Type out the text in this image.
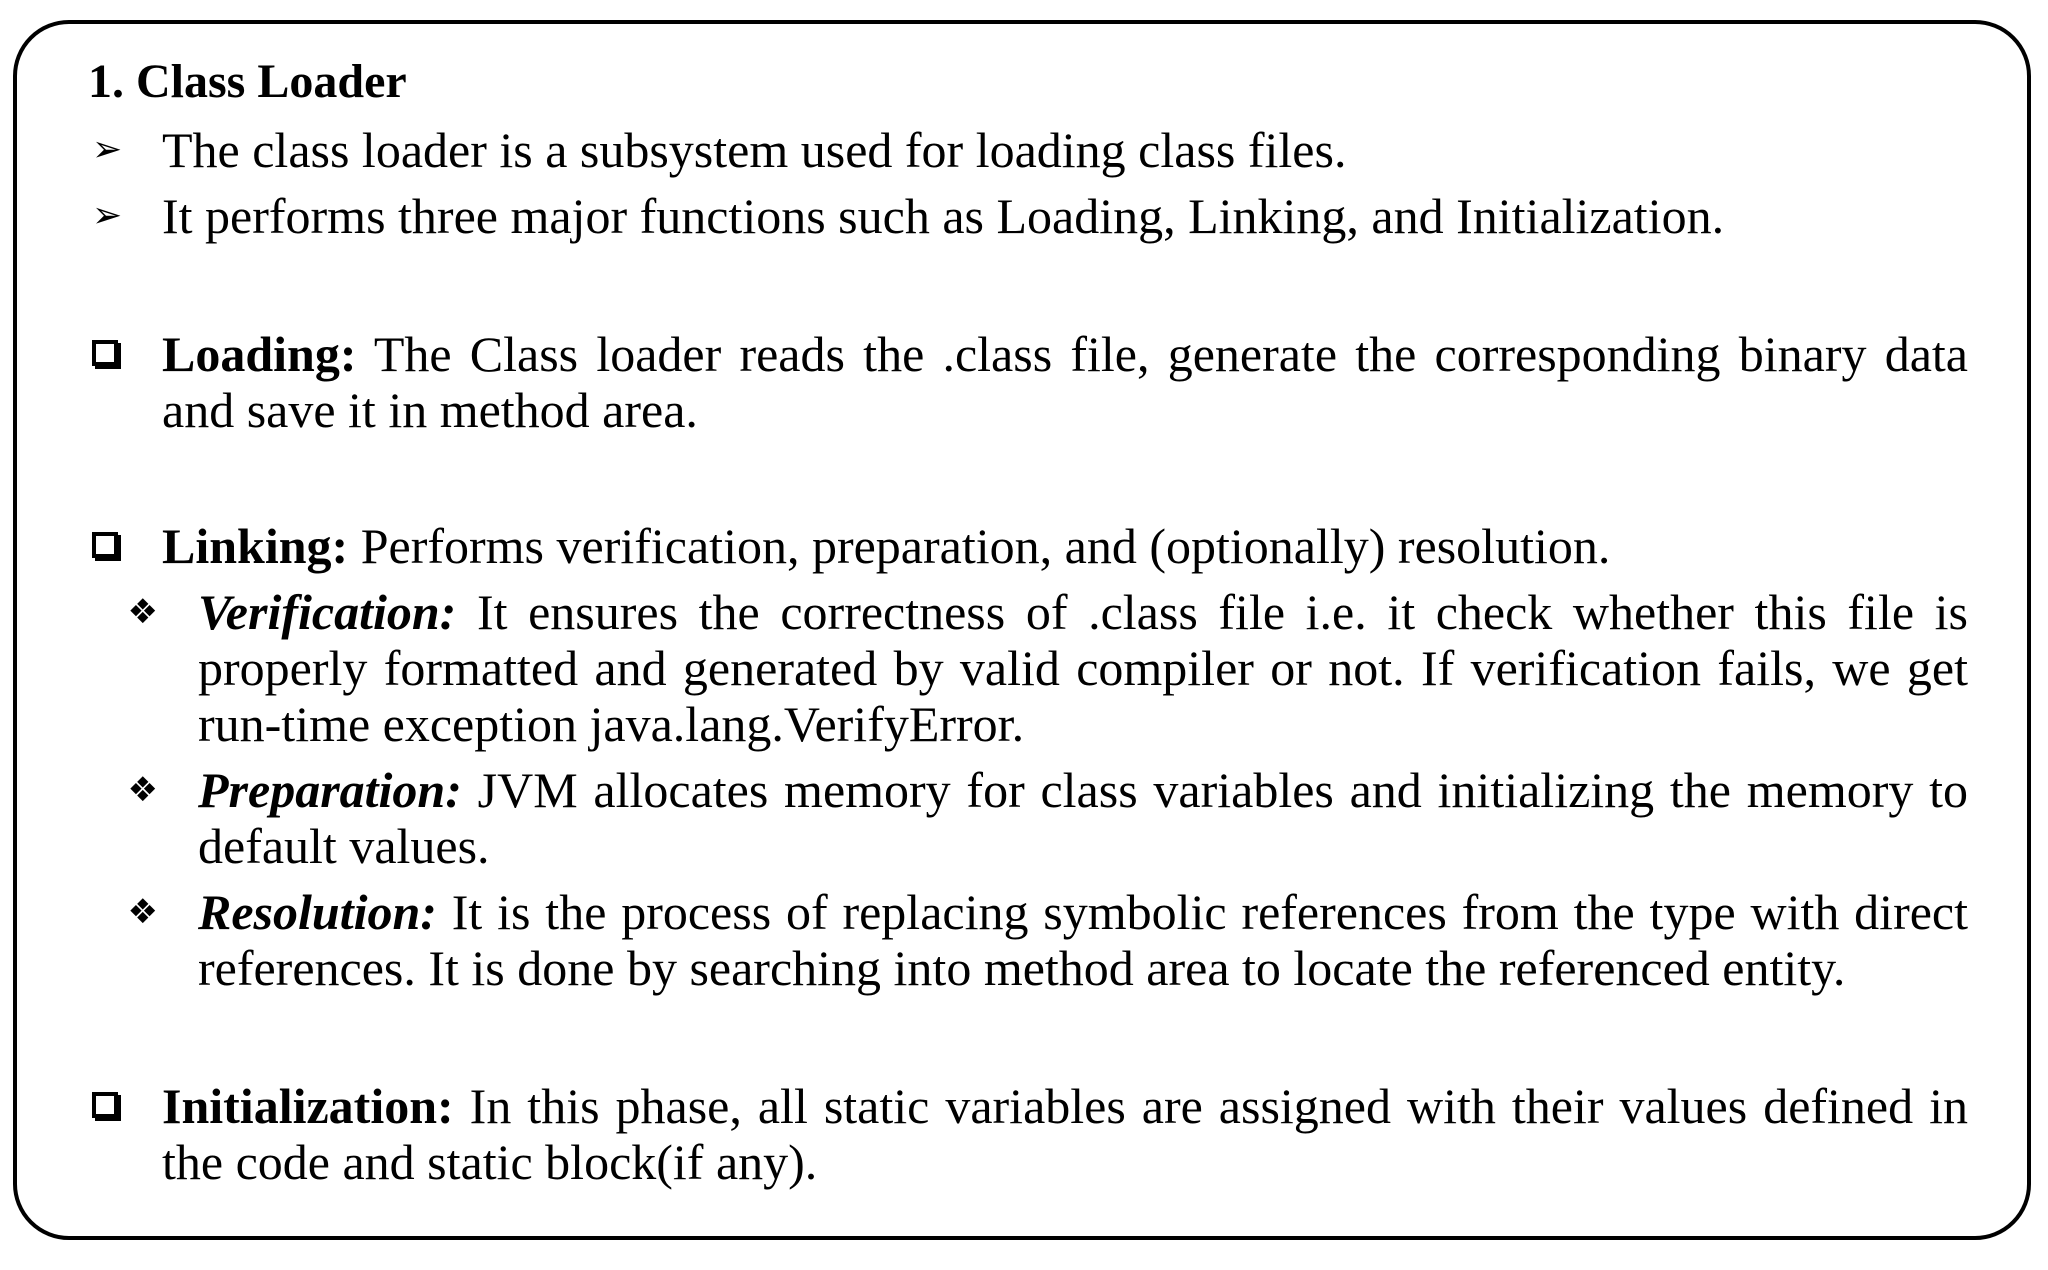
1. Class Loader
➢ The class loader is a subsystem used for loading class files.
➢ It performs three major functions such as Loading, Linking, and Initialization.
Loading: The Class loader reads the .class file, generate the corresponding binary data and save it in method area.
Linking: Performs verification, preparation, and (optionally) resolution.
❖ Verification: It ensures the correctness of .class file i.e. it check whether this file is properly formatted and generated by valid compiler or not. If verification fails, we get run-time exception java.lang.VerifyError.
❖ Preparation: JVM allocates memory for class variables and initializing the memory to default values.
❖ Resolution: It is the process of replacing symbolic references from the type with direct references. It is done by searching into method area to locate the referenced entity.
Initialization: In this phase, all static variables are assigned with their values defined in the code and static block(if any).
